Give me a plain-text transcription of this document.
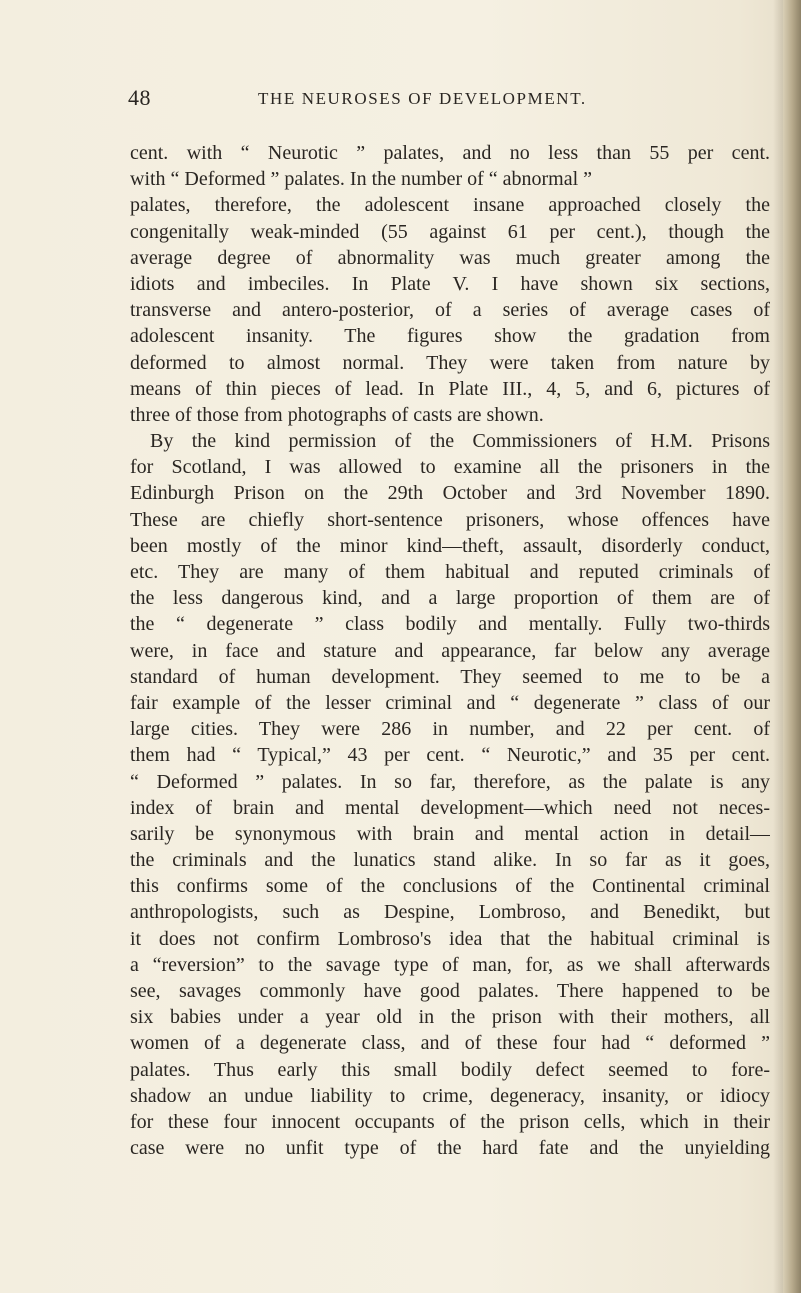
48	THE NEUROSES OF DEVELOPMENT.
cent. with “ Neurotic ” palates, and no less than 55 per cent.
with “ Deformed ” palates. In the number of “ abnormal ”
palates, therefore, the adolescent insane approached closely the
congenitally weak-minded (55 against 61 per cent.), though the
average degree of abnormality was much greater among the
idiots and imbeciles. In Plate V. I have shown six sections,
transverse and antero-posterior, of a series of average cases of
adolescent insanity. The figures show the gradation from
deformed to almost normal. They were taken from nature by
means of thin pieces of lead. In Plate III., 4, 5, and 6, pictures of
three of those from photographs of casts are shown.
By the kind permission of the Commissioners of H.M. Prisons
for Scotland, I was allowed to examine all the prisoners in the
Edinburgh Prison on the 29th October and 3rd November 1890.
These are chiefly short-sentence prisoners, whose offences have
been mostly of the minor kind—theft, assault, disorderly conduct,
etc. They are many of them habitual and reputed criminals of
the less dangerous kind, and a large proportion of them are of
the “ degenerate ” class bodily and mentally. Fully two-thirds
were, in face and stature and appearance, far below any average
standard of human development. They seemed to me to be a
fair example of the lesser criminal and “ degenerate ” class of our
large cities. They were 286 in number, and 22 per cent. of
them had “ Typical,” 43 per cent. “ Neurotic,” and 35 per cent.
“ Deformed ” palates. In so far, therefore, as the palate is any
index of brain and mental development—which need not neces-
sarily be synonymous with brain and mental action in detail—
the criminals and the lunatics stand alike. In so far as it goes,
this confirms some of the conclusions of the Continental criminal
anthropologists, such as Despine, Lombroso, and Benedikt, but
it does not confirm Lombroso's idea that the habitual criminal is
a “reversion” to the savage type of man, for, as we shall afterwards
see, savages commonly have good palates. There happened to be
six babies under a year old in the prison with their mothers, all
women of a degenerate class, and of these four had “ deformed ”
palates. Thus early this small bodily defect seemed to fore-
shadow an undue liability to crime, degeneracy, insanity, or idiocy
for these four innocent occupants of the prison cells, which in their
case were no unfit type of the hard fate and the unyielding
